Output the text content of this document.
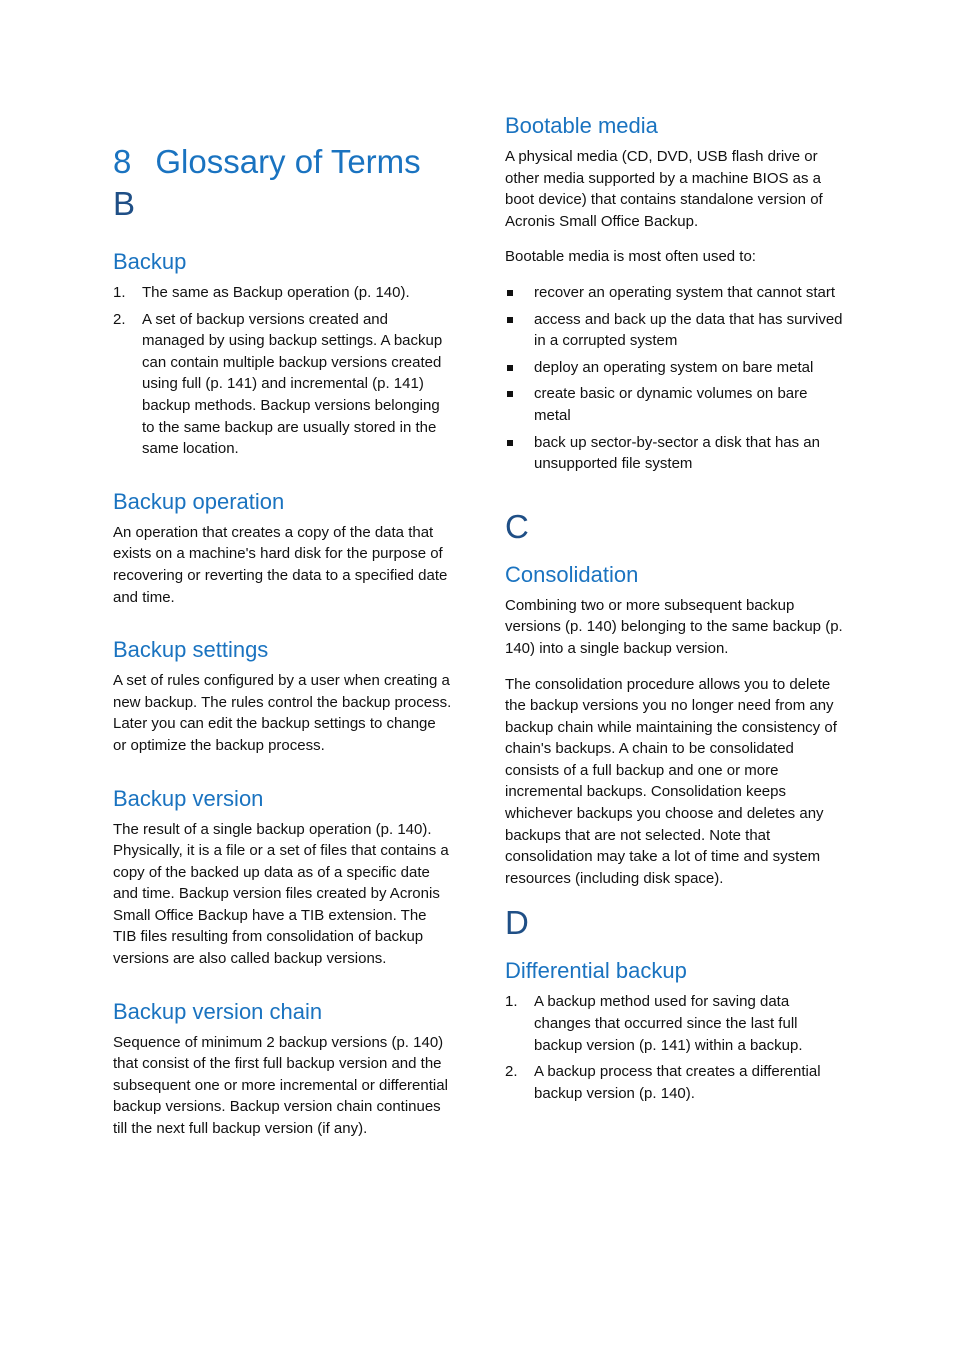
8 Glossary of Terms
B
Backup
1.	The same as Backup operation (p. 140).
2.	A set of backup versions created and managed by using backup settings. A backup can contain multiple backup versions created using full (p. 141) and incremental (p. 141) backup methods. Backup versions belonging to the same backup are usually stored in the same location.
Backup operation

An operation that creates a copy of the data that exists on a machine's hard disk for the purpose of recovering or reverting the data to a specified date and time.

Backup settings

A set of rules configured by a user when creating a new backup. The rules control the backup process. Later you can edit the backup settings to change or optimize the backup process.

Backup version

The result of a single backup operation (p. 140). Physically, it is a file or a set of files that contains a copy of the backed up data as of a specific date and time. Backup version files created by Acronis Small Office Backup have a TIB extension. The TIB files resulting from consolidation of backup versions are also called backup versions.

Backup version chain

Sequence of minimum 2 backup versions (p. 140) that consist of the first full backup version and the subsequent one or more incremental or differential backup versions. Backup version chain continues till the next full backup version (if any).

Bootable media

A physical media (CD, DVD, USB flash drive or other media supported by a machine BIOS as a boot device) that contains standalone version of Acronis Small Office Backup.

Bootable media is most often used to:

recover an operating system that cannot start
access and back up the data that has survived in a corrupted system
deploy an operating system on bare metal
create basic or dynamic volumes on bare metal
back up sector-by-sector a disk that has an unsupported file system
C
Consolidation

Combining two or more subsequent backup versions (p. 140) belonging to the same backup (p. 140) into a single backup version.

The consolidation procedure allows you to delete the backup versions you no longer need from any backup chain while maintaining the consistency of chain's backups. A chain to be consolidated consists of a full backup and one or more incremental backups. Consolidation keeps whichever backups you choose and deletes any backups that are not selected. Note that consolidation may take a lot of time and system resources (including disk space).

D
Differential backup
1.	A backup method used for saving data changes that occurred since the last full backup version (p. 141) within a backup.
2.	A backup process that creates a differential backup version (p. 140).
